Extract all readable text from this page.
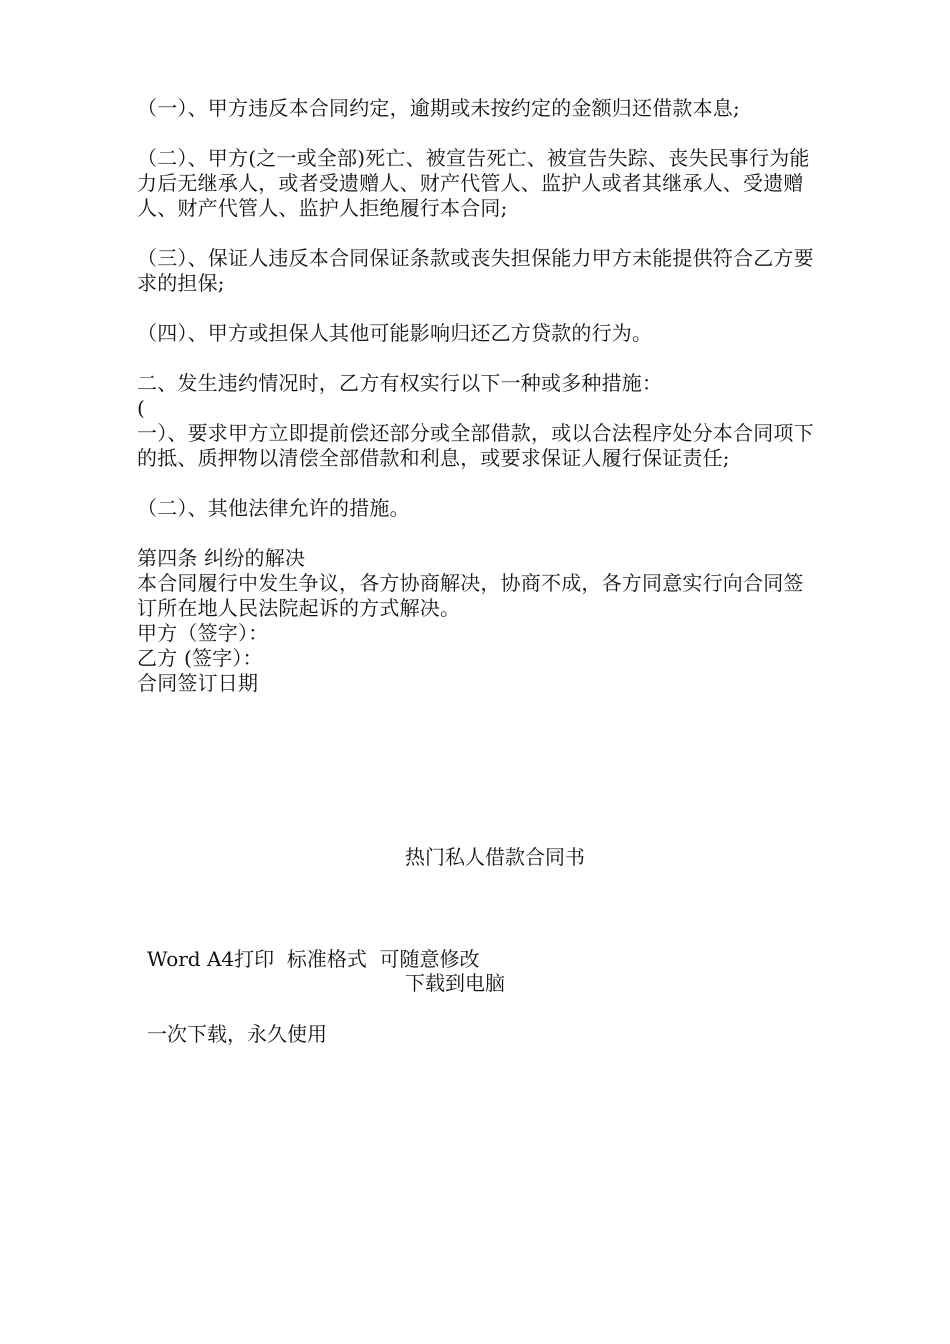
（一）、甲方违反本合同约定，逾期或未按约定的金额归还借款本息;

（二）、甲方(之一或全部)死亡、被宣告死亡、被宣告失踪、丧失民事行为能力后无继承人，或者受遗赠人、财产代管人、监护人或者其继承人、受遗赠人、财产代管人、监护人拒绝履行本合同;

（三）、保证人违反本合同保证条款或丧失担保能力甲方未能提供符合乙方要求的担保;

（四）、甲方或担保人其他可能影响归还乙方贷款的行为。

二、发生违约情况时，乙方有权实行以下一种或多种措施：

(

一）、要求甲方立即提前偿还部分或全部借款，或以合法程序处分本合同项下的抵、质押物以清偿全部借款和利息，或要求保证人履行保证责任;

（二）、其他法律允许的措施。

第四条 纠纷的解决

本合同履行中发生争议，各方协商解决，协商不成，各方同意实行向合同签订所在地人民法院起诉的方式解决。

甲方（签字）：

乙方 (签字）：

合同签订日期

热门私人借款合同书

Word A4打印  标准格式  可随意修改

一次下载，永久使用

下载到电脑
